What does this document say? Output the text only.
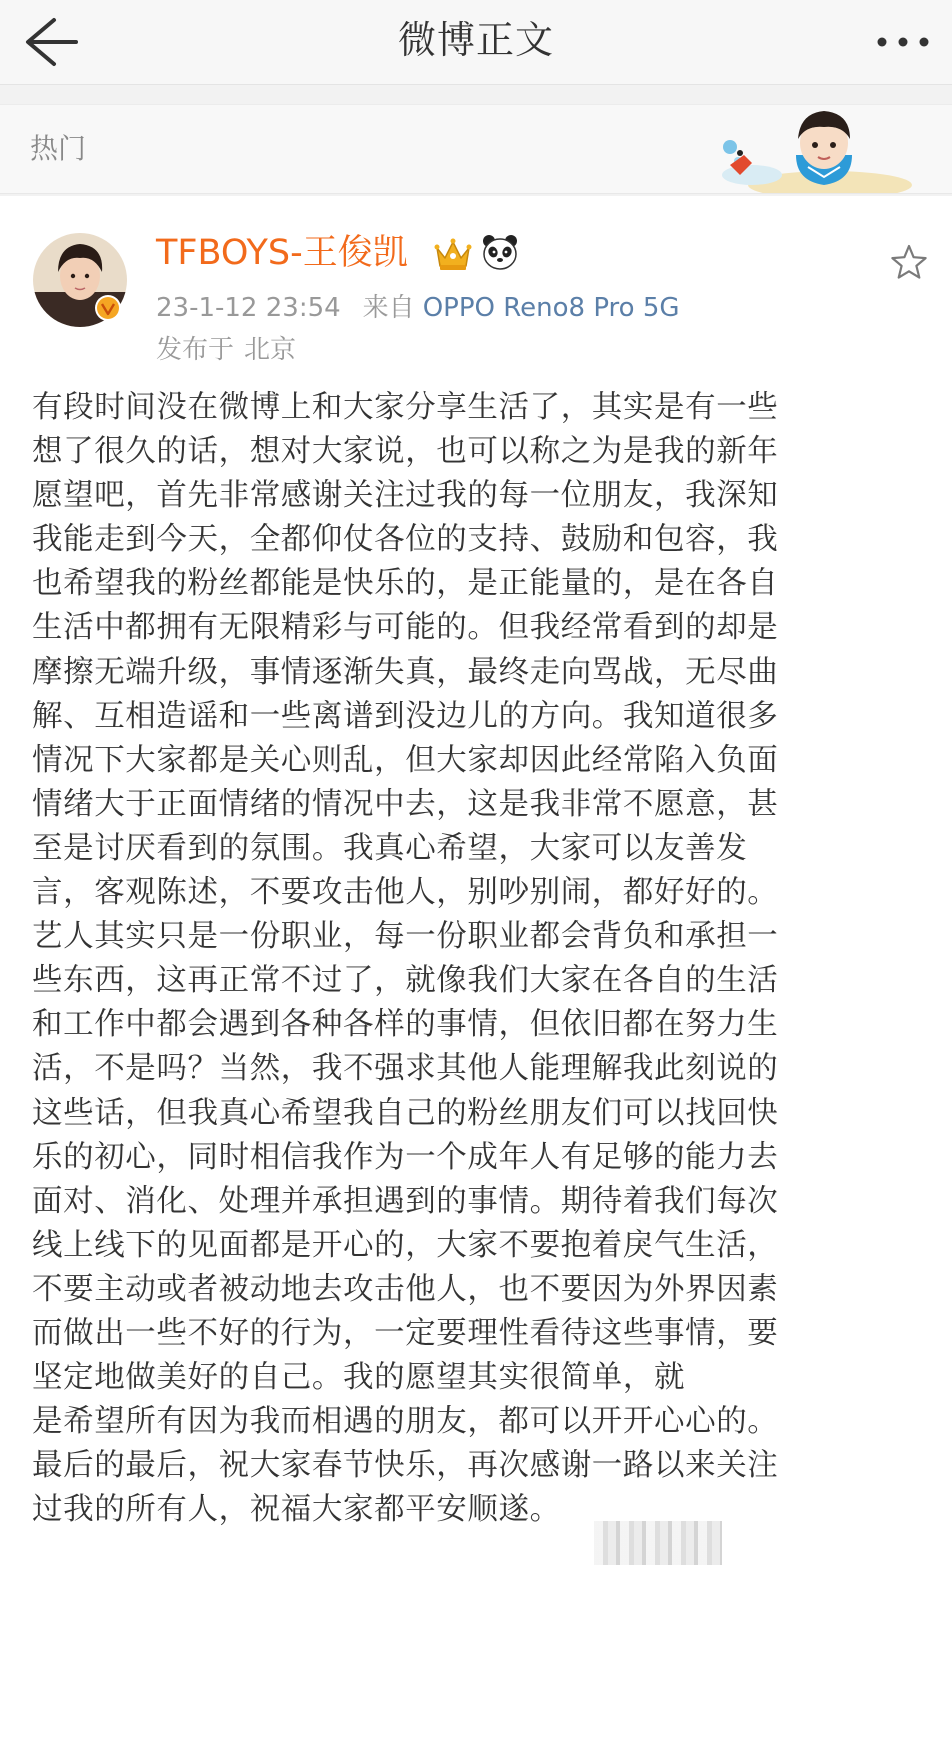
微博正文
热门
TFBOYS-王俊凯
23-1-12 23:54 来自 OPPO Reno8 Pro 5G
发布于 北京
有段时间没在微博上和大家分享生活了，其实是有一些
想了很久的话，想对大家说，也可以称之为是我的新年
愿望吧，首先非常感谢关注过我的每一位朋友，我深知
我能走到今天，全都仰仗各位的支持、鼓励和包容，我
也希望我的粉丝都能是快乐的，是正能量的，是在各自
生活中都拥有无限精彩与可能的。但我经常看到的却是
摩擦无端升级，事情逐渐失真，最终走向骂战，无尽曲
解、互相造谣和一些离谱到没边儿的方向。我知道很多
情况下大家都是关心则乱，但大家却因此经常陷入负面
情绪大于正面情绪的情况中去，这是我非常不愿意，甚
至是讨厌看到的氛围。我真心希望，大家可以友善发
言，客观陈述，不要攻击他人，别吵别闹，都好好的。
艺人其实只是一份职业，每一份职业都会背负和承担一
些东西，这再正常不过了，就像我们大家在各自的生活
和工作中都会遇到各种各样的事情，但依旧都在努力生
活，不是吗？当然，我不强求其他人能理解我此刻说的
这些话，但我真心希望我自己的粉丝朋友们可以找回快
乐的初心，同时相信我作为一个成年人有足够的能力去
面对、消化、处理并承担遇到的事情。期待着我们每次
线上线下的见面都是开心的，大家不要抱着戾气生活，
不要主动或者被动地去攻击他人，也不要因为外界因素
而做出一些不好的行为，一定要理性看待这些事情，要
坚定地做美好的自己。我的愿望其实很简单，就
是希望所有因为我而相遇的朋友，都可以开开心心的。
最后的最后，祝大家春节快乐，再次感谢一路以来关注
过我的所有人，祝福大家都平安顺遂。
